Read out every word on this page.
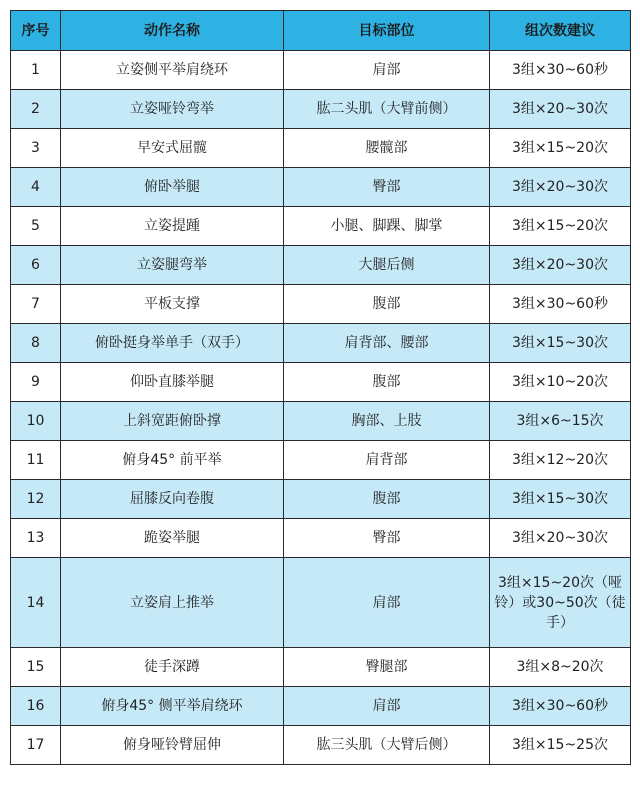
序号	动作名称	目标部位	组次数建议
1	立姿侧平举肩绕环	肩部	3组×30~60秒
2	立姿哑铃弯举	肱二头肌（大臂前侧）	3组×20~30次
3	早安式屈髋	腰髋部	3组×15~20次
4	俯卧举腿	臀部	3组×20~30次
5	立姿提踵	小腿、脚踝、脚掌	3组×15~20次
6	立姿腿弯举	大腿后侧	3组×20~30次
7	平板支撑	腹部	3组×30~60秒
8	俯卧挺身举单手（双手）	肩背部、腰部	3组×15~30次
9	仰卧直膝举腿	腹部	3组×10~20次
10	上斜宽距俯卧撑	胸部、上肢	3组×6~15次
11	俯身45° 前平举	肩背部	3组×12~20次
12	屈膝反向卷腹	腹部	3组×15~30次
13	跪姿举腿	臀部	3组×20~30次
14	立姿肩上推举	肩部	3组×15~20次（哑铃）或30~50次（徒手）
15	徒手深蹲	臀腿部	3组×8~20次
16	俯身45° 侧平举肩绕环	肩部	3组×30~60秒
17	俯身哑铃臂屈伸	肱三头肌（大臂后侧）	3组×15~25次
